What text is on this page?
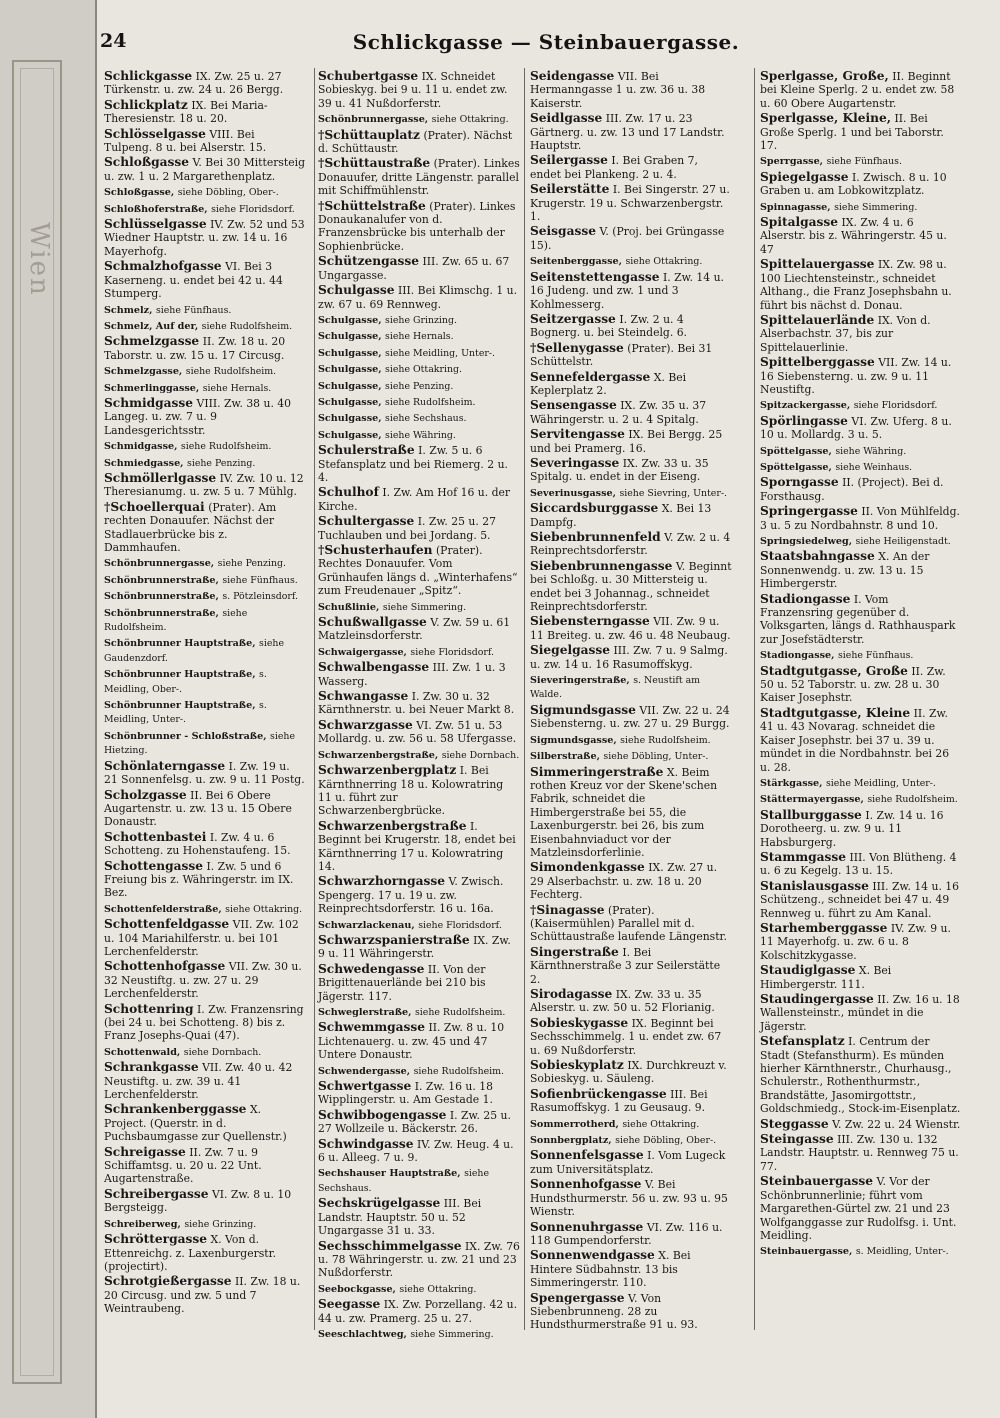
Wien
24	Schlickgasse — Steinbauergasse.
Schlickgasse IX. Zw. 25 u. 27 Türkenstr. u. zw. 24 u. 26 Bergg.
Schlickplatz IX. Bei Maria-Theresienstr. 18 u. 20.
Schlösselgasse VIII. Bei Tulpeng. 8 u. bei Alserstr. 15.
Schloßgasse V. Bei 30 Mittersteig u. zw. 1 u. 2 Margarethenplatz.
Schloßgasse, siehe Döbling, Ober-.
Schloßhoferstraße, siehe Floridsdorf.
Schlüsselgasse IV. Zw. 52 und 53 Wiedner Hauptstr. u. zw. 14 u. 16 Mayerhofg.
Schmalzhofgasse VI. Bei 3 Kaserneng. u. endet bei 42 u. 44 Stumperg.
Schmelz, siehe Fünfhaus.
Schmelz, Auf der, siehe Rudolfsheim.
Schmelzgasse II. Zw. 18 u. 20 Taborstr. u. zw. 15 u. 17 Circusg.
Schmelzgasse, siehe Rudolfsheim.
Schmerlinggasse, siehe Hernals.
Schmidgasse VIII. Zw. 38 u. 40 Langeg. u. zw. 7 u. 9 Landesgerichtsstr.
Schmidgasse, siehe Rudolfsheim.
Schmiedgasse, siehe Penzing.
Schmöllerlgasse IV. Zw. 10 u. 12 Theresianumg. u. zw. 5 u. 7 Mühlg.
†Schoellerquai (Prater). Am rechten Donauufer. Nächst der Stadlauerbrücke bis z. Dammhaufen.
Schönbrunnergasse, siehe Penzing.
Schönbrunnerstraße, siehe Fünfhaus.
Schönbrunnerstraße, s. Pötzleinsdorf.
Schönbrunnerstraße, siehe Rudolfsheim.
Schönbrunner Hauptstraße, siehe Gaudenzdorf.
Schönbrunner Hauptstraße, s. Meidling, Ober-.
Schönbrunner Hauptstraße, s. Meidling, Unter-.
Schönbrunner - Schloßstraße, siehe Hietzing.
Schönlaterngasse I. Zw. 19 u. 21 Sonnenfelsg. u. zw. 9 u. 11 Postg.
Scholzgasse II. Bei 6 Obere Augartenstr. u. zw. 13 u. 15 Obere Donaustr.
Schottenbastei I. Zw. 4 u. 6 Schotteng. zu Hohenstaufeng. 15.
Schottengasse I. Zw. 5 und 6 Freiung bis z. Währingerstr. im IX. Bez.
Schottenfelderstraße, siehe Ottakring.
Schottenfeldgasse VII. Zw. 102 u. 104 Mariahilferstr. u. bei 101 Lerchenfelderstr.
Schottenhofgasse VII. Zw. 30 u. 32 Neustiftg. u. zw. 27 u. 29 Lerchenfelderstr.
Schottenring I. Zw. Franzensring (bei 24 u. bei Schotteng. 8) bis z. Franz Josephs-Quai (47).
Schottenwald, siehe Dornbach.
Schrankgasse VII. Zw. 40 u. 42 Neustiftg. u. zw. 39 u. 41 Lerchenfelderstr.
Schrankenberggasse X. Project. (Querstr. in d. Puchsbaumgasse zur Quellenstr.)
Schreigasse II. Zw. 7 u. 9 Schiffamtsg. u. 20 u. 22 Unt. Augartenstraße.
Schreibergasse VI. Zw. 8 u. 10 Bergsteigg.
Schreiberweg, siehe Grinzing.
Schröttergasse X. Von d. Ettenreichg. z. Laxenburgerstr. (projectirt).
Schrotgießergasse II. Zw. 18 u. 20 Circusg. und zw. 5 und 7 Weintraubeng.
Schubertgasse IX. Schneidet Sobieskyg. bei 9 u. 11 u. endet zw. 39 u. 41 Nußdorferstr.
Schönbrunnergasse, siehe Ottakring.
†Schüttauplatz (Prater). Nächst d. Schüttaustr.
†Schüttaustraße (Prater). Linkes Donauufer, dritte Längenstr. parallel mit Schiffmühlenstr.
†Schüttelstraße (Prater). Linkes Donaukanalufer von d. Franzensbrücke bis unterhalb der Sophienbrücke.
Schützengasse III. Zw. 65 u. 67 Ungargasse.
Schulgasse III. Bei Klimschg. 1 u. zw. 67 u. 69 Rennweg.
Schulgasse, siehe Grinzing.
Schulgasse, siehe Hernals.
Schulgasse, siehe Meidling, Unter-.
Schulgasse, siehe Ottakring.
Schulgasse, siehe Penzing.
Schulgasse, siehe Rudolfsheim.
Schulgasse, siehe Sechshaus.
Schulgasse, siehe Währing.
Schulerstraße I. Zw. 5 u. 6 Stefansplatz und bei Riemerg. 2 u. 4.
Schulhof I. Zw. Am Hof 16 u. der Kirche.
Schultergasse I. Zw. 25 u. 27 Tuchlauben und bei Jordang. 5.
†Schusterhaufen (Prater). Rechtes Donauufer. Vom Grünhaufen längs d. „Winterhafens“ zum Freudenauer „Spitz“.
Schußlinie, siehe Simmering.
Schußwallgasse V. Zw. 59 u. 61 Matzleinsdorferstr.
Schwaigergasse, siehe Floridsdorf.
Schwalbengasse III. Zw. 1 u. 3 Wasserg.
Schwangasse I. Zw. 30 u. 32 Kärnthnerstr. u. bei Neuer Markt 8.
Schwarzgasse VI. Zw. 51 u. 53 Mollardg. u. zw. 56 u. 58 Ufergasse.
Schwarzenbergstraße, siehe Dornbach.
Schwarzenbergplatz I. Bei Kärnthnerring 18 u. Kolowratring 11 u. führt zur Schwarzenbergbrücke.
Schwarzenbergstraße I. Beginnt bei Krugerstr. 18, endet bei Kärnthnerring 17 u. Kolowratring 14.
Schwarzhorngasse V. Zwisch. Spengerg. 17 u. 19 u. zw. Reinprechtsdorferstr. 16 u. 16a.
Schwarzlackenau, siehe Floridsdorf.
Schwarzspanierstraße IX. Zw. 9 u. 11 Währingerstr.
Schwedengasse II. Von der Brigittenauerlände bei 210 bis Jägerstr. 117.
Schweglerstraße, siehe Rudolfsheim.
Schwemmgasse II. Zw. 8 u. 10 Lichtenauerg. u. zw. 45 und 47 Untere Donaustr.
Schwendergasse, siehe Rudolfsheim.
Schwertgasse I. Zw. 16 u. 18 Wipplingerstr. u. Am Gestade 1.
Schwibbogengasse I. Zw. 25 u. 27 Wollzeile u. Bäckerstr. 26.
Schwindgasse IV. Zw. Heug. 4 u. 6 u. Alleeg. 7 u. 9.
Sechshauser Hauptstraße, siehe Sechshaus.
Sechskrügelgasse III. Bei Landstr. Hauptstr. 50 u. 52 Ungargasse 31 u. 33.
Sechsschimmelgasse IX. Zw. 76 u. 78 Währingerstr. u. zw. 21 und 23 Nußdorferstr.
Seebockgasse, siehe Ottakring.
Seegasse IX. Zw. Porzellang. 42 u. 44 u. zw. Pramerg. 25 u. 27.
Seeschlachtweg, siehe Simmering.
Seidengasse VII. Bei Hermanngasse 1 u. zw. 36 u. 38 Kaiserstr.
Seidlgasse III. Zw. 17 u. 23 Gärtnerg. u. zw. 13 und 17 Landstr. Hauptstr.
Seilergasse I. Bei Graben 7, endet bei Plankeng. 2 u. 4.
Seilerstätte I. Bei Singerstr. 27 u. Krugerstr. 19 u. Schwarzenbergstr. 1.
Seisgasse V. (Proj. bei Grüngasse 15).
Seitenberggasse, siehe Ottakring.
Seitenstettengasse I. Zw. 14 u. 16 Judeng. und zw. 1 und 3 Kohlmesserg.
Seitzergasse I. Zw. 2 u. 4 Bognerg. u. bei Steindelg. 6.
†Sellenygasse (Prater). Bei 31 Schüttelstr.
Sennefeldergasse X. Bei Keplerplatz 2.
Sensengasse IX. Zw. 35 u. 37 Währingerstr. u. 2 u. 4 Spitalg.
Servitengasse IX. Bei Bergg. 25 und bei Pramerg. 16.
Severingasse IX. Zw. 33 u. 35 Spitalg. u. endet in der Eiseng.
Severinusgasse, siehe Sievring, Unter-.
Siccardsburggasse X. Bei 13 Dampfg.
Siebenbrunnenfeld V. Zw. 2 u. 4 Reinprechtsdorferstr.
Siebenbrunnengasse V. Beginnt bei Schloßg. u. 30 Mittersteig u. endet bei 3 Johannag., schneidet Reinprechtsdorferstr.
Siebensterngasse VII. Zw. 9 u. 11 Breiteg. u. zw. 46 u. 48 Neubaug.
Siegelgasse III. Zw. 7 u. 9 Salmg. u. zw. 14 u. 16 Rasumoffskyg.
Sieveringerstraße, s. Neustift am Walde.
Sigmundsgasse VII. Zw. 22 u. 24 Siebensterng. u. zw. 27 u. 29 Burgg.
Sigmundsgasse, siehe Rudolfsheim.
Silberstraße, siehe Döbling, Unter-.
Simmeringerstraße X. Beim rothen Kreuz vor der Skene'schen Fabrik, schneidet die Himbergerstraße bei 55, die Laxenburgerstr. bei 26, bis zum Eisenbahnviaduct vor der Matzleinsdorferlinie.
Simondenkgasse IX. Zw. 27 u. 29 Alserbachstr. u. zw. 18 u. 20 Fechterg.
†Sinagasse (Prater). (Kaisermühlen) Parallel mit d. Schüttaustraße laufende Längenstr.
Singerstraße I. Bei Kärnthnerstraße 3 zur Seilerstätte 2.
Sirodagasse IX. Zw. 33 u. 35 Alserstr. u. zw. 50 u. 52 Florianig.
Sobieskygasse IX. Beginnt bei Sechsschimmelg. 1 u. endet zw. 67 u. 69 Nußdorferstr.
Sobieskyplatz IX. Durchkreuzt v. Sobieskyg. u. Säuleng.
Sofienbrückengasse III. Bei Rasumoffskyg. 1 zu Geusaug. 9.
Sommerrotherd, siehe Ottakring.
Sonnbergplatz, siehe Döbling, Ober-.
Sonnenfelsgasse I. Vom Lugeck zum Universitätsplatz.
Sonnenhofgasse V. Bei Hundsthurmerstr. 56 u. zw. 93 u. 95 Wienstr.
Sonnenuhrgasse VI. Zw. 116 u. 118 Gumpendorferstr.
Sonnenwendgasse X. Bei Hintere Südbahnstr. 13 bis Simmeringerstr. 110.
Spengergasse V. Von Siebenbrunneng. 28 zu Hundsthurmerstraße 91 u. 93.
Sperlgasse, Große, II. Beginnt bei Kleine Sperlg. 2 u. endet zw. 58 u. 60 Obere Augartenstr.
Sperlgasse, Kleine, II. Bei Große Sperlg. 1 und bei Taborstr. 17.
Sperrgasse, siehe Fünfhaus.
Spiegelgasse I. Zwisch. 8 u. 10 Graben u. am Lobkowitzplatz.
Spinnagasse, siehe Simmering.
Spitalgasse IX. Zw. 4 u. 6 Alserstr. bis z. Währingerstr. 45 u. 47
Spittelauergasse IX. Zw. 98 u. 100 Liechtensteinstr., schneidet Althang., die Franz Josephsbahn u. führt bis nächst d. Donau.
Spittelauerlände IX. Von d. Alserbachstr. 37, bis zur Spittelauerlinie.
Spittelberggasse VII. Zw. 14 u. 16 Siebensterng. u. zw. 9 u. 11 Neustiftg.
Spitzackergasse, siehe Floridsdorf.
Spörlingasse VI. Zw. Uferg. 8 u. 10 u. Mollardg. 3 u. 5.
Spöttelgasse, siehe Währing.
Spöttelgasse, siehe Weinhaus.
Sporngasse II. (Project). Bei d. Forsthausg.
Springergasse II. Von Mühlfeldg. 3 u. 5 zu Nordbahnstr. 8 und 10.
Springsiedelweg, siehe Heiligenstadt.
Staatsbahngasse X. An der Sonnenwendg. u. zw. 13 u. 15 Himbergerstr.
Stadiongasse I. Vom Franzensring gegenüber d. Volksgarten, längs d. Rathhauspark zur Josefstädterstr.
Stadiongasse, siehe Fünfhaus.
Stadtgutgasse, Große II. Zw. 50 u. 52 Taborstr. u. zw. 28 u. 30 Kaiser Josephstr.
Stadtgutgasse, Kleine II. Zw. 41 u. 43 Novarag. schneidet die Kaiser Josephstr. bei 37 u. 39 u. mündet in die Nordbahnstr. bei 26 u. 28.
Stärkgasse, siehe Meidling, Unter-.
Stättermayergasse, siehe Rudolfsheim.
Stallburggasse I. Zw. 14 u. 16 Dorotheerg. u. zw. 9 u. 11 Habsburgerg.
Stammgasse III. Von Blütheng. 4 u. 6 zu Kegelg. 13 u. 15.
Stanislausgasse III. Zw. 14 u. 16 Schützeng., schneidet bei 47 u. 49 Rennweg u. führt zu Am Kanal.
Starhemberggasse IV. Zw. 9 u. 11 Mayerhofg. u. zw. 6 u. 8 Kolschitzkygasse.
Staudiglgasse X. Bei Himbergerstr. 111.
Staudingergasse II. Zw. 16 u. 18 Wallensteinstr., mündet in die Jägerstr.
Stefansplatz I. Centrum der Stadt (Stefansthurm). Es münden hierher Kärnthnerstr., Churhausg., Schulerstr., Rothenthurmstr., Brandstätte, Jasomirgottstr., Goldschmiedg., Stock-im-Eisenplatz.
Steggasse V. Zw. 22 u. 24 Wienstr.
Steingasse III. Zw. 130 u. 132 Landstr. Hauptstr. u. Rennweg 75 u. 77.
Steinbauergasse V. Vor der Schönbrunnerlinie; führt vom Margarethen-Gürtel zw. 21 und 23 Wolfganggasse zur Rudolfsg. i. Unt. Meidling.
Steinbauergasse, s. Meidling, Unter-.
